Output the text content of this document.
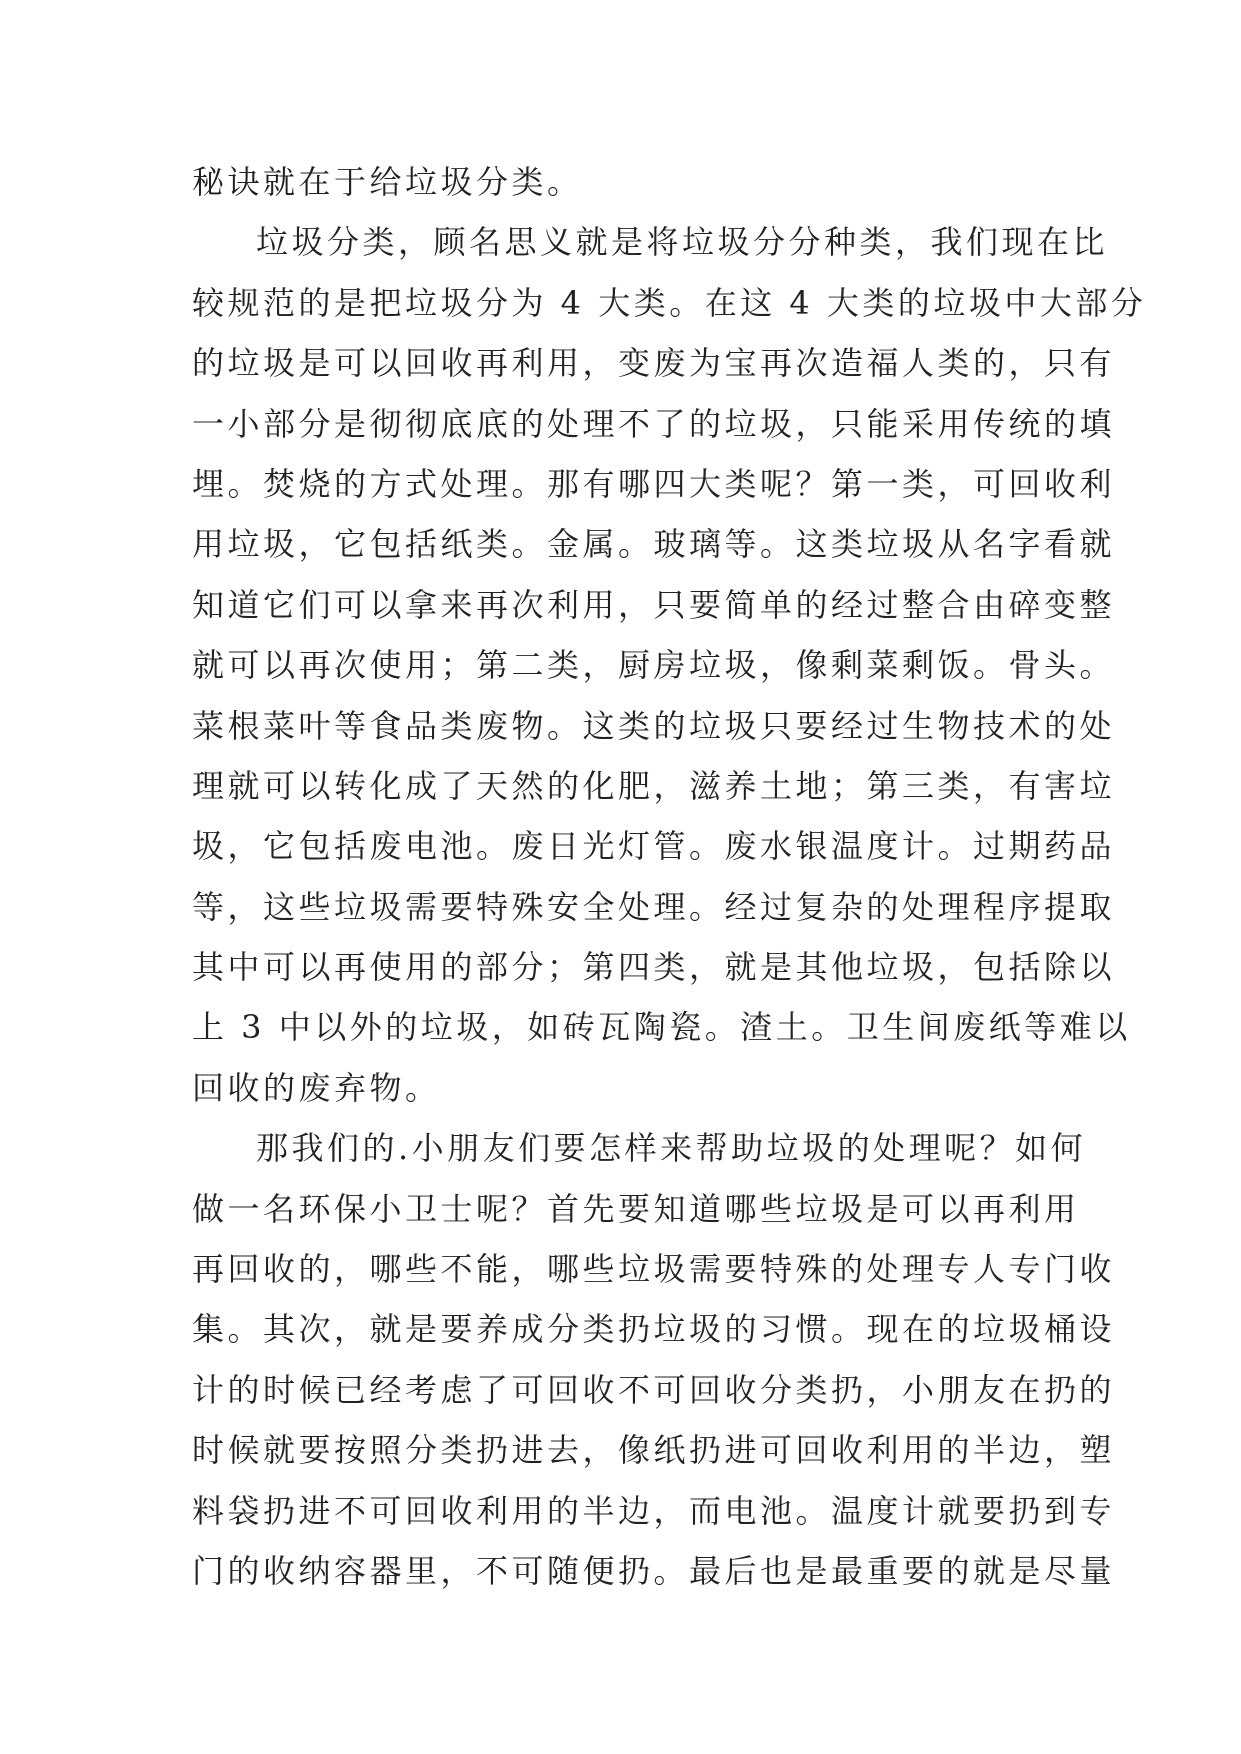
秘诀就在于给垃圾分类。
垃圾分类，顾名思义就是将垃圾分分种类，我们现在比
较规范的是把垃圾分为 4 大类。在这 4 大类的垃圾中大部分
的垃圾是可以回收再利用，变废为宝再次造福人类的，只有
一小部分是彻彻底底的处理不了的垃圾，只能采用传统的填
埋。焚烧的方式处理。那有哪四大类呢？第一类，可回收利
用垃圾，它包括纸类。金属。玻璃等。这类垃圾从名字看就
知道它们可以拿来再次利用，只要简单的经过整合由碎变整
就可以再次使用；第二类，厨房垃圾，像剩菜剩饭。骨头。
菜根菜叶等食品类废物。这类的垃圾只要经过生物技术的处
理就可以转化成了天然的化肥，滋养土地；第三类，有害垃
圾，它包括废电池。废日光灯管。废水银温度计。过期药品
等，这些垃圾需要特殊安全处理。经过复杂的处理程序提取
其中可以再使用的部分；第四类，就是其他垃圾，包括除以
上 3 中以外的垃圾，如砖瓦陶瓷。渣土。卫生间废纸等难以
回收的废弃物。
那我们的.小朋友们要怎样来帮助垃圾的处理呢？如何
做一名环保小卫士呢？首先要知道哪些垃圾是可以再利用
再回收的，哪些不能，哪些垃圾需要特殊的处理专人专门收
集。其次，就是要养成分类扔垃圾的习惯。现在的垃圾桶设
计的时候已经考虑了可回收不可回收分类扔，小朋友在扔的
时候就要按照分类扔进去，像纸扔进可回收利用的半边，塑
料袋扔进不可回收利用的半边，而电池。温度计就要扔到专
门的收纳容器里，不可随便扔。最后也是最重要的就是尽量
